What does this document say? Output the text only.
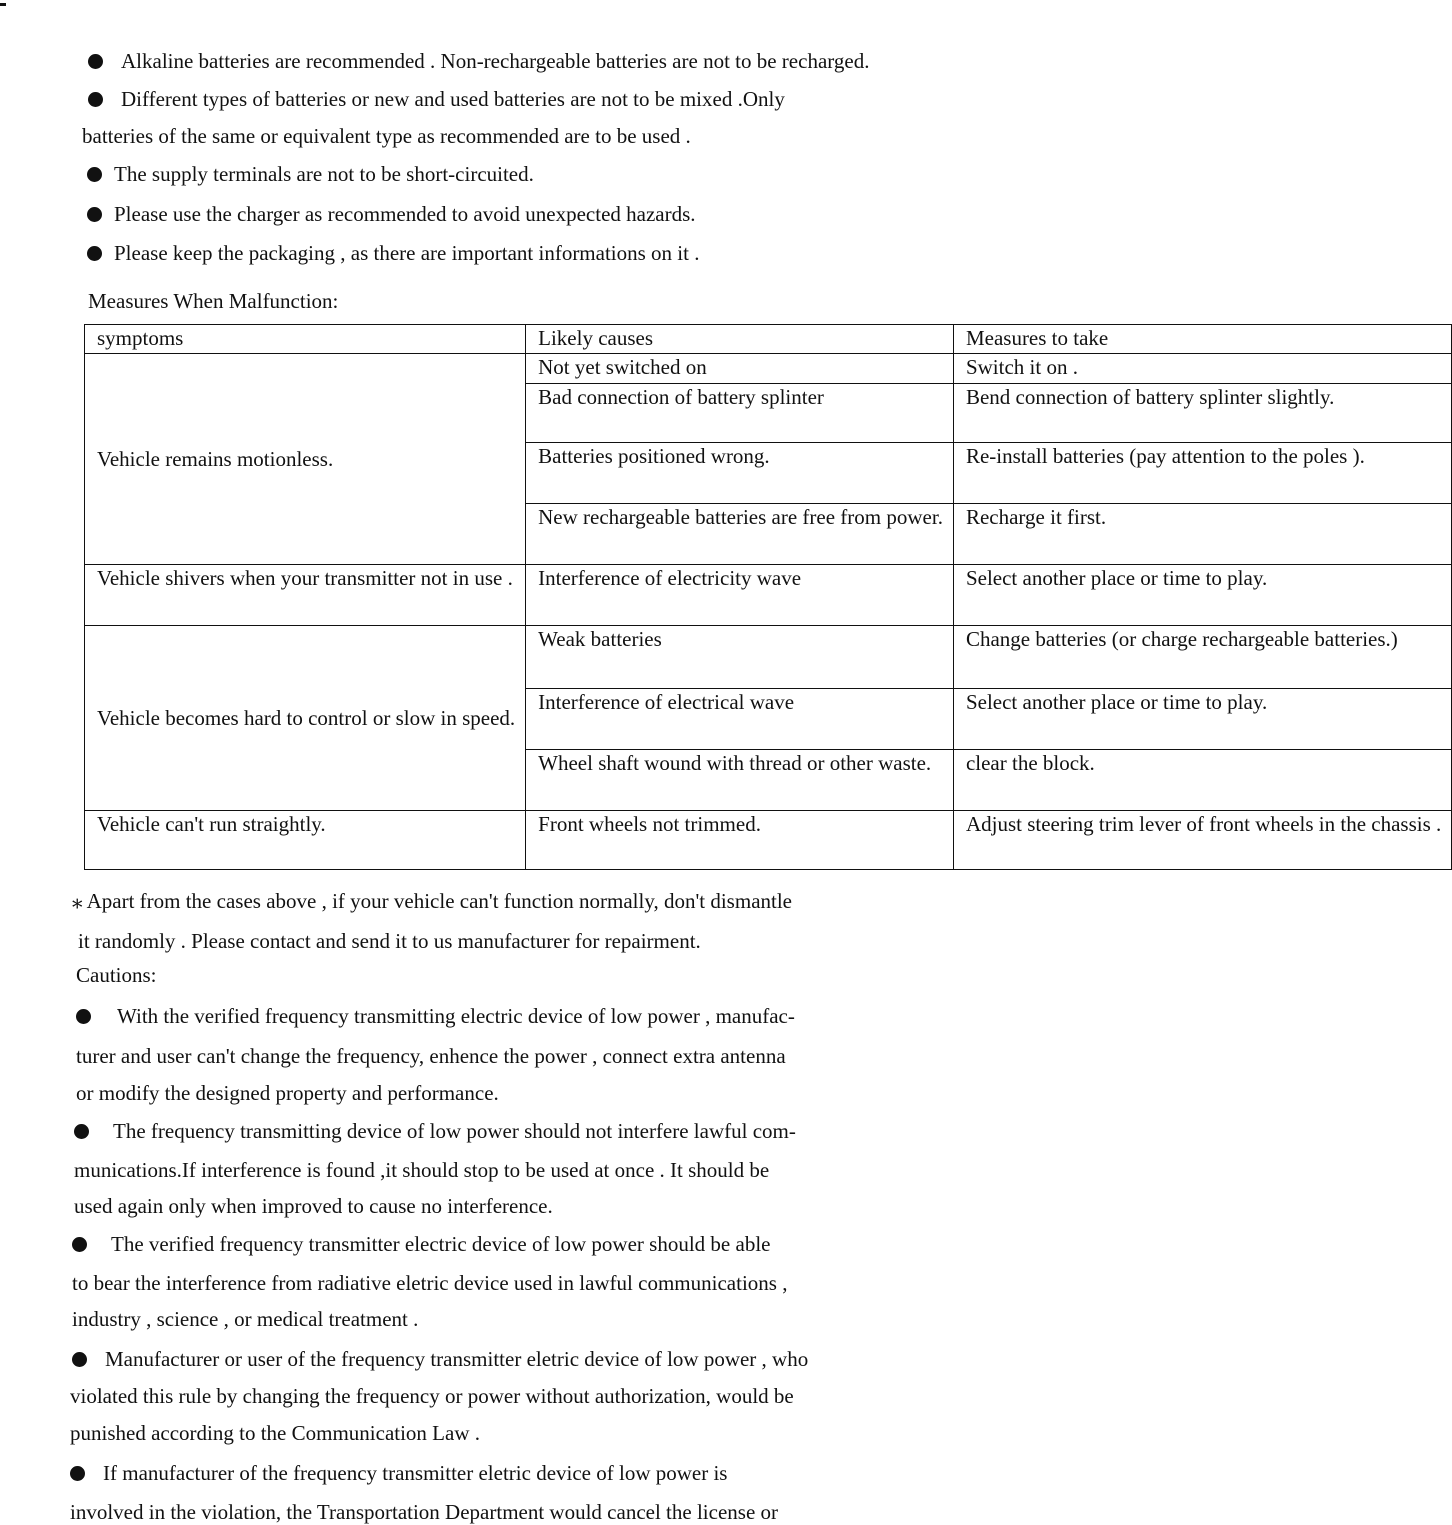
Alkaline batteries are recommended . Non-rechargeable batteries are not to be recharged.
Different types of batteries or new and used batteries are not to be mixed .Only
batteries of the same or equivalent type as recommended are to be used .
The supply terminals are not to be short-circuited.
Please use the charger as recommended to avoid unexpected hazards.
Please keep the packaging , as there are important informations on it .
Measures When Malfunction:
symptoms	Likely causes	Measures to take
Vehicle remains motionless.	Not yet switched on	Switch it on .
	Bad connection of battery splinter	Bend connection of battery splinter slightly.
	Batteries positioned wrong.	Re-install batteries (pay attention to the poles ).
	New rechargeable batteries are free from power.	Recharge it first.
Vehicle shivers when your transmitter not in use .	Interference of electricity wave	Select another place or time to play.
Vehicle becomes hard to control or slow in speed.	Weak batteries	Change batteries (or charge rechargeable batteries.)
	Interference of electrical wave	Select another place or time to play.
	Wheel shaft wound with thread or other waste.	clear the block.
Vehicle can't run straightly.	Front wheels not trimmed.	Adjust steering trim lever of front wheels in the chassis .
⁎ Apart from the cases above , if your vehicle can't function normally, don't dismantle
it randomly . Please contact and send it to us manufacturer for repairment.
Cautions:
With the verified frequency transmitting electric device of low power , manufac-
turer and user can't change the frequency, enhence the power , connect extra antenna
or modify the designed property and performance.
The frequency transmitting device of low power should not interfere lawful com-
munications.If interference is found ,it should stop to be used at once . It should be
used again only when improved to cause no interference.
The verified frequency transmitter electric device of low power should be able
to bear the interference from radiative eletric device used in lawful communications ,
industry , science , or medical treatment .
Manufacturer or user of the frequency transmitter eletric device of low power , who
violated this rule by changing the frequency or power without authorization, would be
punished according to the Communication Law .
If manufacturer of the frequency transmitter eletric device of low power is
involved in the violation, the Transportation Department would cancel the license or
